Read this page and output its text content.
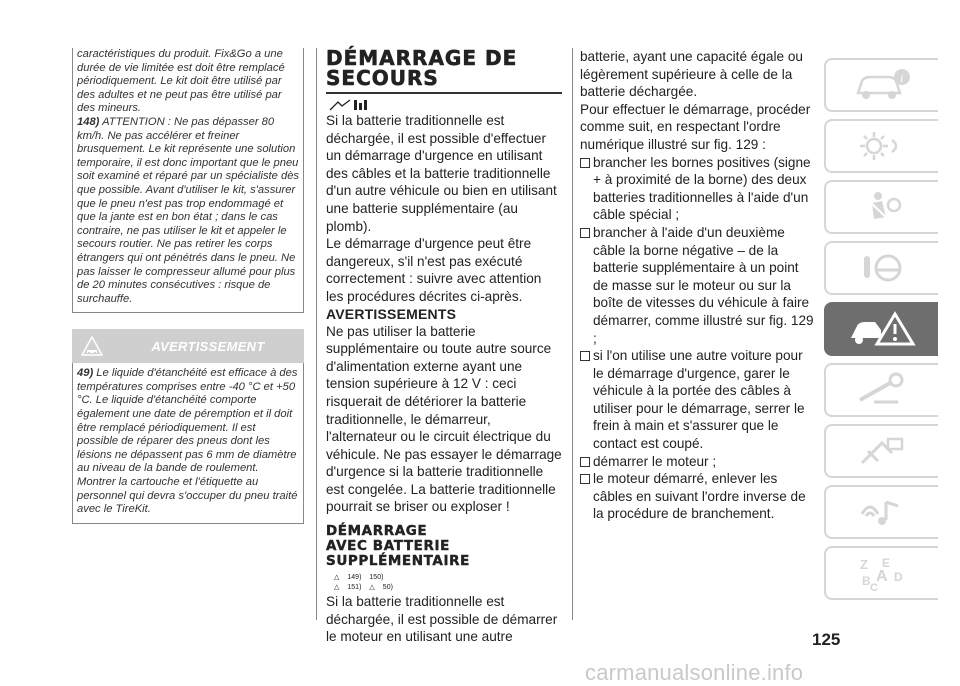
caractéristiques du produit. Fix&Go a une durée de vie limitée est doit être remplacé périodiquement. Le kit doit être utilisé par des adultes et ne peut pas être utilisé par des mineurs.

148) ATTENTION : Ne pas dépasser 80 km/h. Ne pas accélérer et freiner brusquement. Le kit représente une solution temporaire, il est donc important que le pneu soit examiné et réparé par un spécialiste dès que possible. Avant d'utiliser le kit, s'assurer que le pneu n'est pas trop endommagé et que la jante est en bon état ; dans le cas contraire, ne pas utiliser le kit et appeler le secours routier. Ne pas retirer les corps étrangers qui ont pénétrés dans le pneu. Ne pas laisser le compresseur allumé pour plus de 20 minutes consécutives : risque de surchauffe.

AVERTISSEMENT

49) Le liquide d'étanchéité est efficace à des températures comprises entre -40 °C et +50 °C. Le liquide d'étanchéité comporte également une date de péremption et il doit être remplacé périodiquement. Il est possible de réparer des pneus dont les lésions ne dépassent pas 6 mm de diamètre au niveau de la bande de roulement. Montrer la cartouche et l'étiquette au personnel qui devra s'occuper du pneu traité avec le TireKit.

DÉMARRAGE DE
SECOURS

Si la batterie traditionnelle est déchargée, il est possible d'effectuer un démarrage d'urgence en utilisant des câbles et la batterie traditionnelle d'un autre véhicule ou bien en utilisant une batterie supplémentaire (au plomb).

Le démarrage d'urgence peut être dangereux, s'il n'est pas exécuté correctement : suivre avec attention les procédures décrites ci-après.

AVERTISSEMENTS

Ne pas utiliser la batterie supplémentaire ou toute autre source d'alimentation externe ayant une tension supérieure à 12 V : ceci risquerait de détériorer la batterie traditionnelle, le démarreur, l'alternateur ou le circuit électrique du véhicule. Ne pas essayer le démarrage d'urgence si la batterie traditionnelle est congelée. La batterie traditionnelle pourrait se briser ou exploser !

DÉMARRAGE
AVEC BATTERIE
SUPPLÉMENTAIRE
△ 149) 150)
△ 151) △ 50)

Si la batterie traditionnelle est déchargée, il est possible de démarrer le moteur en utilisant une autre

batterie, ayant une capacité égale ou légèrement supérieure à celle de la batterie déchargée.

Pour effectuer le démarrage, procéder comme suit, en respectant l'ordre numérique illustré sur fig. 129 :

brancher les bornes positives (signe + à proximité de la borne) des deux batteries traditionnelles à l'aide d'un câble spécial ;
brancher à l'aide d'un deuxième câble la borne négative – de la batterie supplémentaire à un point de masse sur le moteur ou sur la boîte de vitesses du véhicule à faire démarrer, comme illustré sur fig. 129 ;
si l'on utilise une autre voiture pour le démarrage d'urgence, garer le véhicule à la portée des câbles à utiliser pour le démarrage, serrer le frein à main et s'assurer que le contact est coupé.
démarrer le moteur ;
le moteur démarré, enlever les câbles en suivant l'ordre inverse de la procédure de branchement.
i
Z E
B A D
C
125
carmanualsonline.info
